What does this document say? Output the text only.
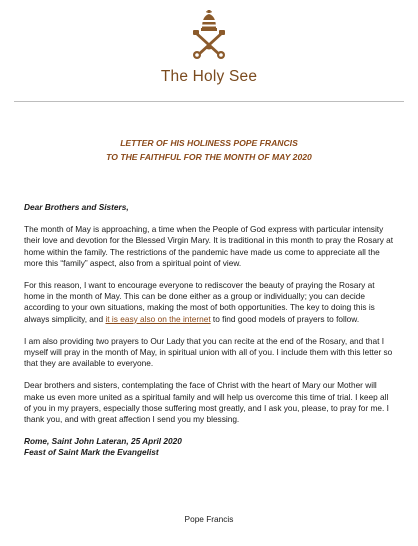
The Holy See
LETTER OF HIS HOLINESS POPE FRANCIS
TO THE FAITHFUL FOR THE MONTH OF MAY 2020

Dear Brothers and Sisters,

The month of May is approaching, a time when the People of God express with particular intensity their love and devotion for the Blessed Virgin Mary. It is traditional in this month to pray the Rosary at home within the family. The restrictions of the pandemic have made us come to appreciate all the more this “family” aspect, also from a spiritual point of view.

For this reason, I want to encourage everyone to rediscover the beauty of praying the Rosary at home in the month of May. This can be done either as a group or individually; you can decide according to your own situations, making the most of both opportunities. The key to doing this is always simplicity, and it is easy also on the internet to find good models of prayers to follow.

I am also providing two prayers to Our Lady that you can recite at the end of the Rosary, and that I myself will pray in the month of May, in spiritual union with all of you. I include them with this letter so that they are available to everyone.

Dear brothers and sisters, contemplating the face of Christ with the heart of Mary our Mother will make us even more united as a spiritual family and will help us overcome this time of trial. I keep all of you in my prayers, especially those suffering most greatly, and I ask you, please, to pray for me. I thank you, and with great affection I send you my blessing.

Rome, Saint John Lateran, 25 April 2020

Feast of Saint Mark the Evangelist

Pope Francis
